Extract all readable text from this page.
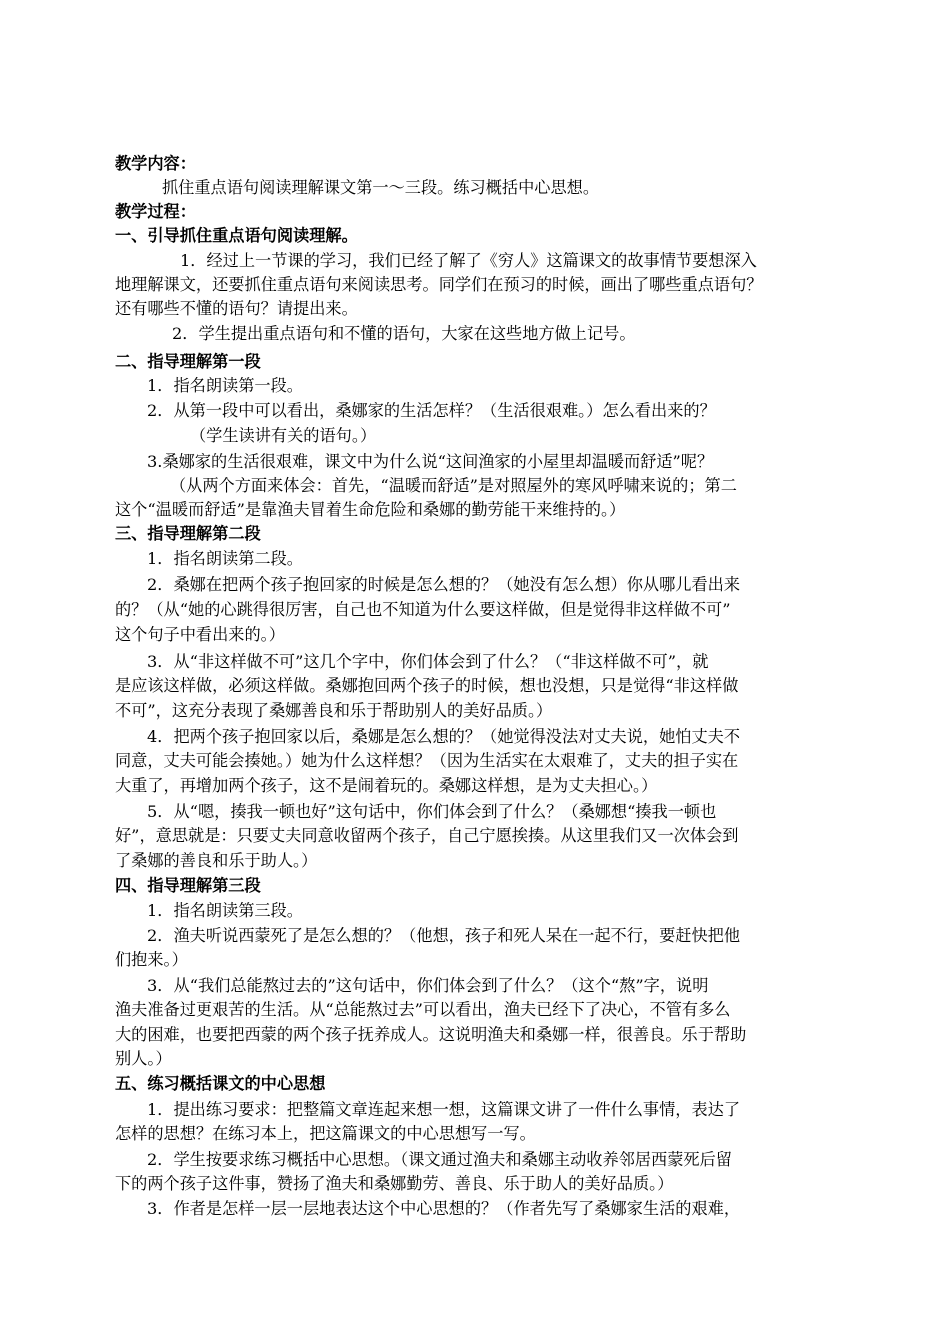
教学内容：
抓住重点语句阅读理解课文第一～三段。练习概括中心思想。
教学过程：
一、引导抓住重点语句阅读理解。
1．经过上一节课的学习，我们已经了解了《穷人》这篇课文的故事情节要想深入
地理解课文，还要抓住重点语句来阅读思考。同学们在预习的时候，画出了哪些重点语句？
还有哪些不懂的语句？请提出来。
2．学生提出重点语句和不懂的语句，大家在这些地方做上记号。
二、指导理解第一段
1．指名朗读第一段。
2．从第一段中可以看出，桑娜家的生活怎样？（生活很艰难。）怎么看出来的？
（学生读讲有关的语句。）
3.桑娜家的生活很艰难，课文中为什么说“这间渔家的小屋里却温暖而舒适”呢？
（从两个方面来体会：首先，“温暖而舒适”是对照屋外的寒风呼啸来说的；第二
这个“温暖而舒适”是靠渔夫冒着生命危险和桑娜的勤劳能干来维持的。）
三、指导理解第二段
1．指名朗读第二段。
2．桑娜在把两个孩子抱回家的时候是怎么想的？（她没有怎么想）你从哪儿看出来
的？（从“她的心跳得很厉害，自己也不知道为什么要这样做，但是觉得非这样做不可”
这个句子中看出来的。）
3．从“非这样做不可”这几个字中，你们体会到了什么？（“非这样做不可”，就
是应该这样做，必须这样做。桑娜抱回两个孩子的时候，想也没想，只是觉得“非这样做
不可”，这充分表现了桑娜善良和乐于帮助别人的美好品质。）
4．把两个孩子抱回家以后，桑娜是怎么想的？（她觉得没法对丈夫说，她怕丈夫不
同意，丈夫可能会揍她。）她为什么这样想？（因为生活实在太艰难了，丈夫的担子实在
大重了，再增加两个孩子，这不是闹着玩的。桑娜这样想，是为丈夫担心。）
5．从“嗯，揍我一顿也好”这句话中，你们体会到了什么？（桑娜想“揍我一顿也
好”，意思就是：只要丈夫同意收留两个孩子，自己宁愿挨揍。从这里我们又一次体会到
了桑娜的善良和乐于助人。）
四、指导理解第三段
1．指名朗读第三段。
2．渔夫听说西蒙死了是怎么想的？（他想，孩子和死人呆在一起不行，要赶快把他
们抱来。）
3．从“我们总能熬过去的”这句话中，你们体会到了什么？（这个“熬”字，说明
渔夫准备过更艰苦的生活。从“总能熬过去”可以看出，渔夫已经下了决心，不管有多么
大的困难，也要把西蒙的两个孩子抚养成人。这说明渔夫和桑娜一样，很善良。乐于帮助
别人。）
五、练习概括课文的中心思想
1．提出练习要求：把整篇文章连起来想一想，这篇课文讲了一件什么事情，表达了
怎样的思想？在练习本上，把这篇课文的中心思想写一写。
2．学生按要求练习概括中心思想。（课文通过渔夫和桑娜主动收养邻居西蒙死后留
下的两个孩子这件事，赞扬了渔夫和桑娜勤劳、善良、乐于助人的美好品质。）
3．作者是怎样一层一层地表达这个中心思想的？（作者先写了桑娜家生活的艰难，
